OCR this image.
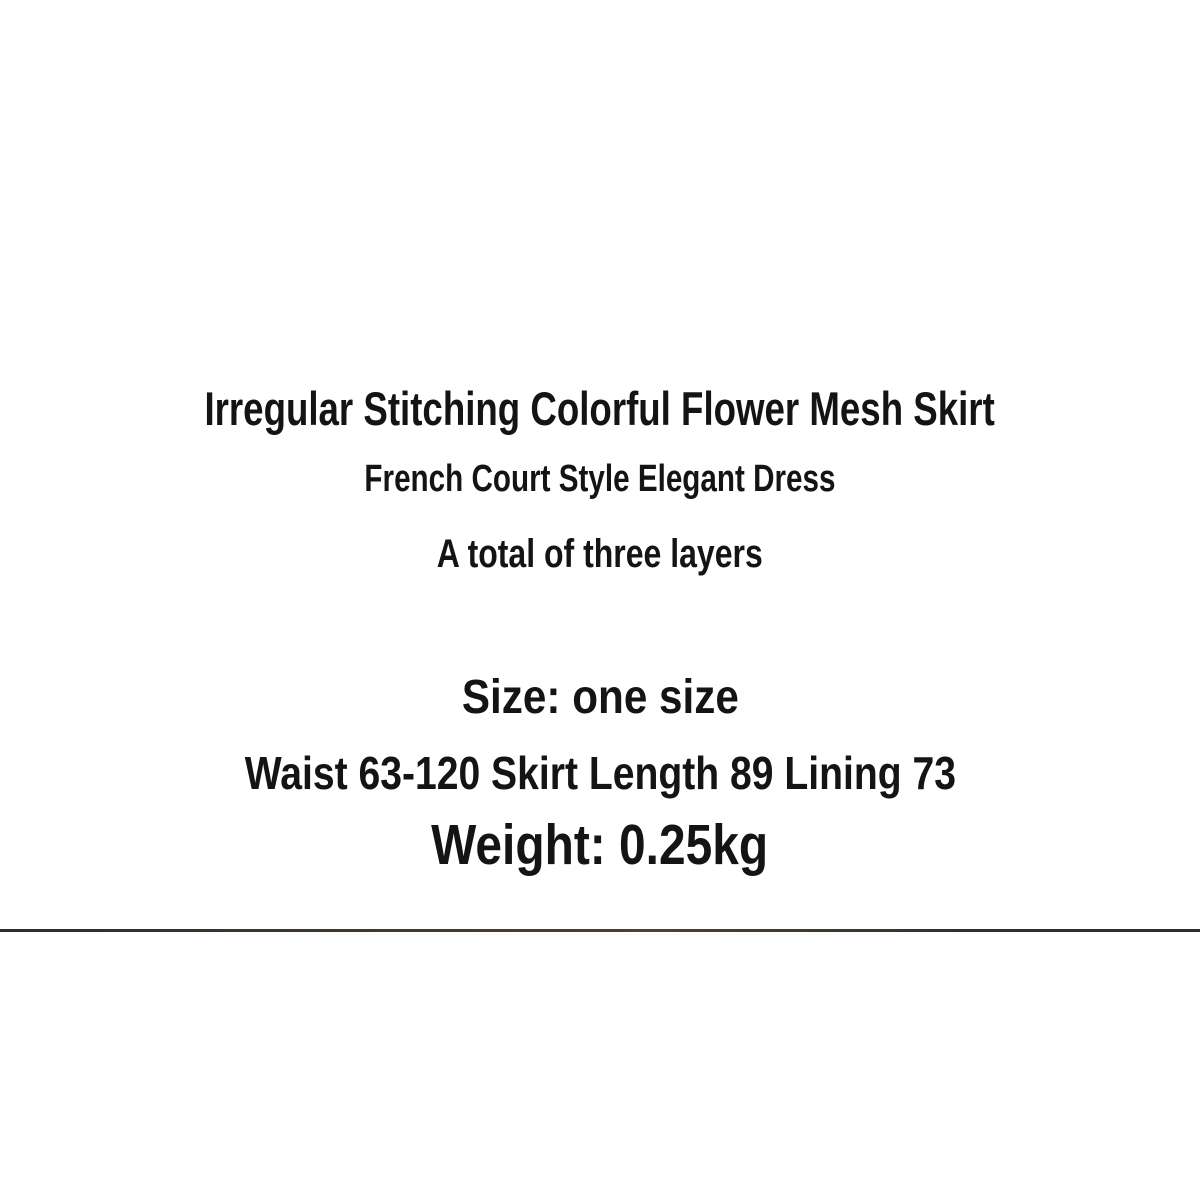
Irregular Stitching Colorful Flower Mesh Skirt
French Court Style Elegant Dress
A total of three layers
Size: one size
Waist 63-120 Skirt Length 89 Lining 73
Weight: 0.25kg
